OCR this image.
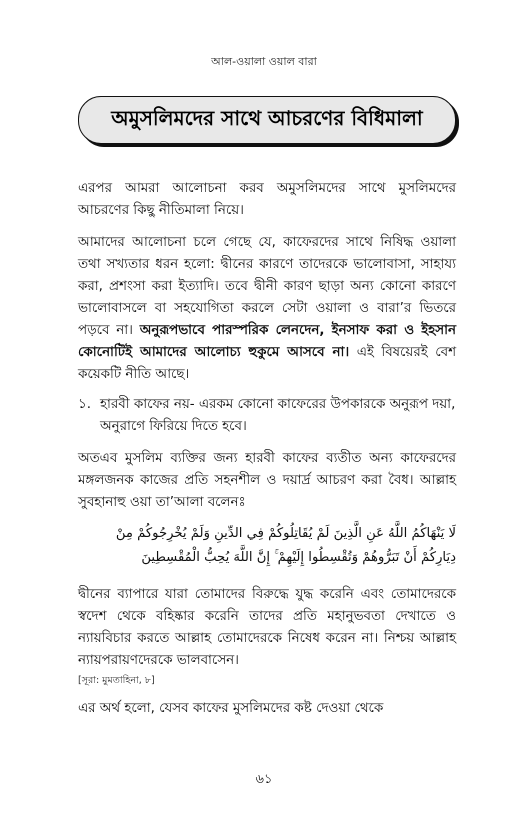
আল-ওয়ালা ওয়াল বারা
অমুসলিমদের সাথে আচরণের বিধিমালা

এরপর আমরা আলোচনা করব অমুসলিমদের সাথে মুসলিমদের আচরণের কিছু নীতিমালা নিয়ে।

আমাদের আলোচনা চলে গেছে যে, কাফেরদের সাথে নিষিদ্ধ ওয়ালা তথা সখ্যতার ধরন হলো: দ্বীনের কারণে তাদেরকে ভালোবাসা, সাহায্য করা, প্রশংসা করা ইত্যাদি। তবে দ্বীনী কারণ ছাড়া অন্য কোনো কারণে ভালোবাসলে বা সহযোগিতা করলে সেটা ওয়ালা ও বারা’র ভিতরে পড়বে না। অনুরূপভাবে পারস্পরিক লেনদেন, ইনসাফ করা ও ইহসান কোনোটিই আমাদের আলোচ্য হুকুমে আসবে না। এই বিষয়েরই বেশ কয়েকটি নীতি আছে।

১. হারবী কাফের নয়- এরকম কোনো কাফেরের উপকারকে অনুরূপ দয়া, অনুরাগে ফিরিয়ে দিতে হবে।

অতএব মুসলিম ব্যক্তির জন্য হারবী কাফের ব্যতীত অন্য কাফেরদের মঙ্গলজনক কাজের প্রতি সহনশীল ও দয়ার্দ্র আচরণ করা বৈধ। আল্লাহ সুবহানাহু ওয়া তা’আলা বলেনঃ

لَا يَنْهَاكُمُ اللَّهُ عَنِ الَّذِينَ لَمْ يُقَاتِلُوكُمْ فِي الدِّينِ وَلَمْ يُخْرِجُوكُمْ مِنْ دِيَارِكُمْ أَنْ تَبَرُّوهُمْ وَتُقْسِطُوا إِلَيْهِمْ ۚ إِنَّ اللَّهَ يُحِبُّ الْمُقْسِطِينَ

দ্বীনের ব্যাপারে যারা তোমাদের বিরুদ্ধে যুদ্ধ করেনি এবং তোমাদেরকে স্বদেশ থেকে বহিষ্কার করেনি তাদের প্রতি মহানুভবতা দেখাতে ও ন্যায়বিচার করতে আল্লাহ তোমাদেরকে নিষেধ করেন না। নিশ্চয় আল্লাহ ন্যায়পরায়ণদেরকে ভালবাসেন।

[সূরা: মুমতাহিনা, ৮]

এর অর্থ হলো, যেসব কাফের মুসলিমদের কষ্ট দেওয়া থেকে

৬১
